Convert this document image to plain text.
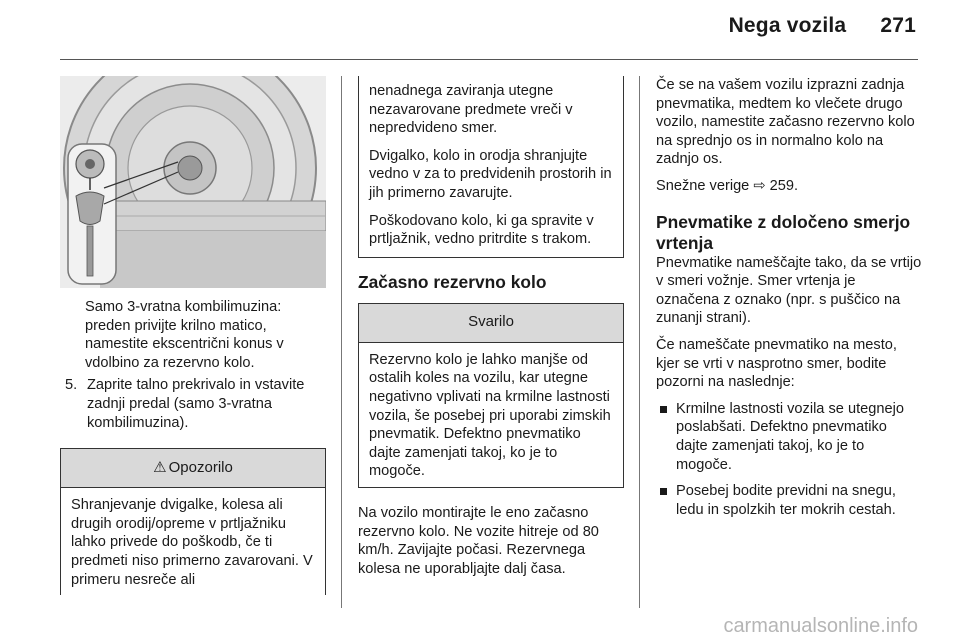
Nega vozila 271
Samo 3-vratna kombilimuzina: preden privijte krilno matico, namestite ekscentrični konus v vdolbino za rezervno kolo.
5. Zaprite talno prekrivalo in vstavite zadnji predal (samo 3-vratna kombilimuzina).
⚠ Opozorilo
Shranjevanje dvigalke, kolesa ali drugih orodij/opreme v prtljažniku lahko privede do poškodb, če ti predmeti niso primerno zavarovani. V primeru nesreče ali

nenadnega zaviranja utegne nezavarovane predmete vreči v nepredvideno smer.

Dvigalko, kolo in orodja shranjujte vedno v za to predvidenih prostorih in jih primerno zavarujte.

Poškodovano kolo, ki ga spravite v prtljažnik, vedno pritrdite s trakom.

Začasno rezervno kolo
Svarilo
Rezervno kolo je lahko manjše od ostalih koles na vozilu, kar utegne negativno vplivati na krmilne lastnosti vozila, še posebej pri uporabi zimskih pnevmatik. Defektno pnevmatiko dajte zamenjati takoj, ko je to mogoče.

Na vozilo montirajte le eno začasno rezervno kolo. Ne vozite hitreje od 80 km/h. Zavijajte počasi. Rezervnega kolesa ne uporabljajte dalj časa.

Če se na vašem vozilu izprazni zadnja pnevmatika, medtem ko vlečete drugo vozilo, namestite začasno rezervno kolo na sprednjo os in normalno kolo na zadnjo os.

Snežne verige ⇨ 259.

Pnevmatike z določeno smerjo vrtenja

Pnevmatike nameščajte tako, da se vrtijo v smeri vožnje. Smer vrtenja je označena z oznako (npr. s puščico na zunanji strani).

Če nameščate pnevmatiko na mesto, kjer se vrti v nasprotno smer, bodite pozorni na naslednje:

Krmilne lastnosti vozila se utegnejo poslabšati. Defektno pnevmatiko dajte zamenjati takoj, ko je to mogoče.
Posebej bodite previdni na snegu, ledu in spolzkih ter mokrih cestah.
carmanualsonline.info
